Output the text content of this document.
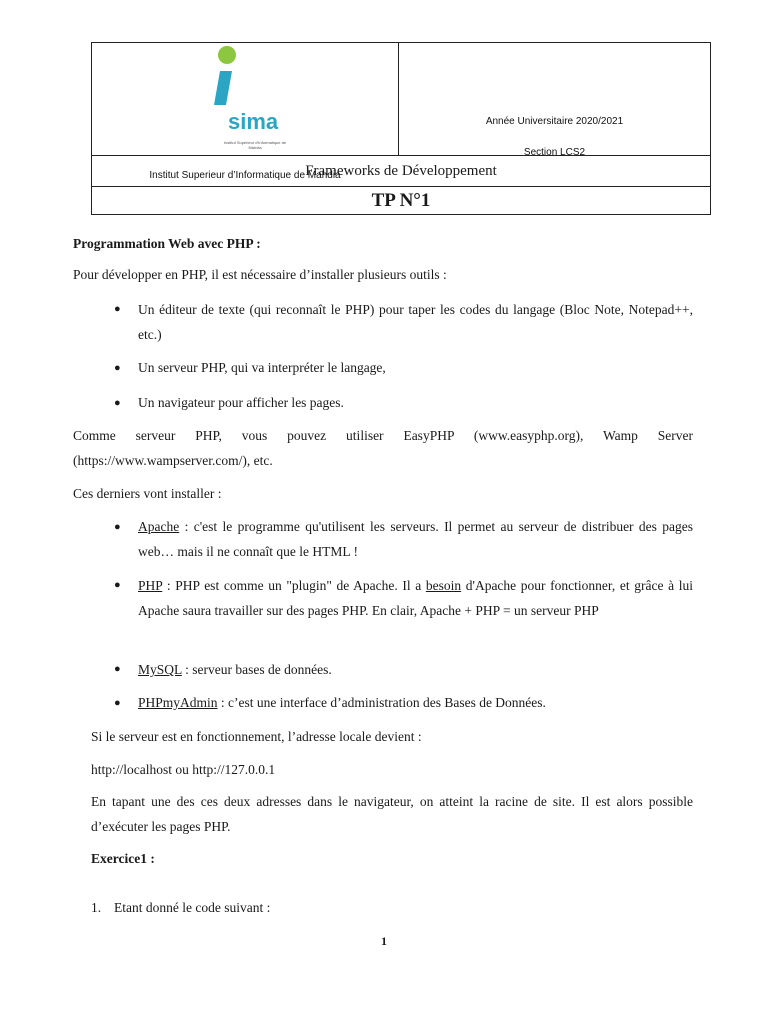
sima
Institut Supérieur d'Informatique de Mahdia
Institut Superieur d’Informatique de Mahdia

Année Universitaire 2020/2021
Section LCS2

Frameworks de Développement
TP N°1
Programmation Web avec PHP :
Pour développer en PHP, il est nécessaire d’installer plusieurs outils :
● Un éditeur de texte (qui reconnaît le PHP) pour taper les codes du langage (Bloc Note, Notepad++, etc.)
● Un serveur PHP, qui va interpréter le langage,
● Un navigateur pour afficher les pages.
Comme serveur PHP, vous pouvez utiliser EasyPHP (www.easyphp.org), Wamp Server (https://www.wampserver.com/), etc.
Ces derniers vont installer :
● Apache : c'est le programme qu'utilisent les serveurs. Il permet au serveur de distribuer des pages web… mais il ne connaît que le HTML !
● PHP : PHP est comme un "plugin" de Apache. Il a besoin d'Apache pour fonctionner, et grâce à lui Apache saura travailler sur des pages PHP. En clair, Apache + PHP = un serveur PHP
● MySQL : serveur bases de données.
● PHPmyAdmin : c’est une interface d’administration des Bases de Données.
Si le serveur est en fonctionnement, l’adresse locale devient :
http://localhost ou http://127.0.0.1
En tapant une des ces deux adresses dans le navigateur, on atteint la racine de site. Il est alors possible d’exécuter les pages PHP.
Exercice1 :
1. Etant donné le code suivant :
1
